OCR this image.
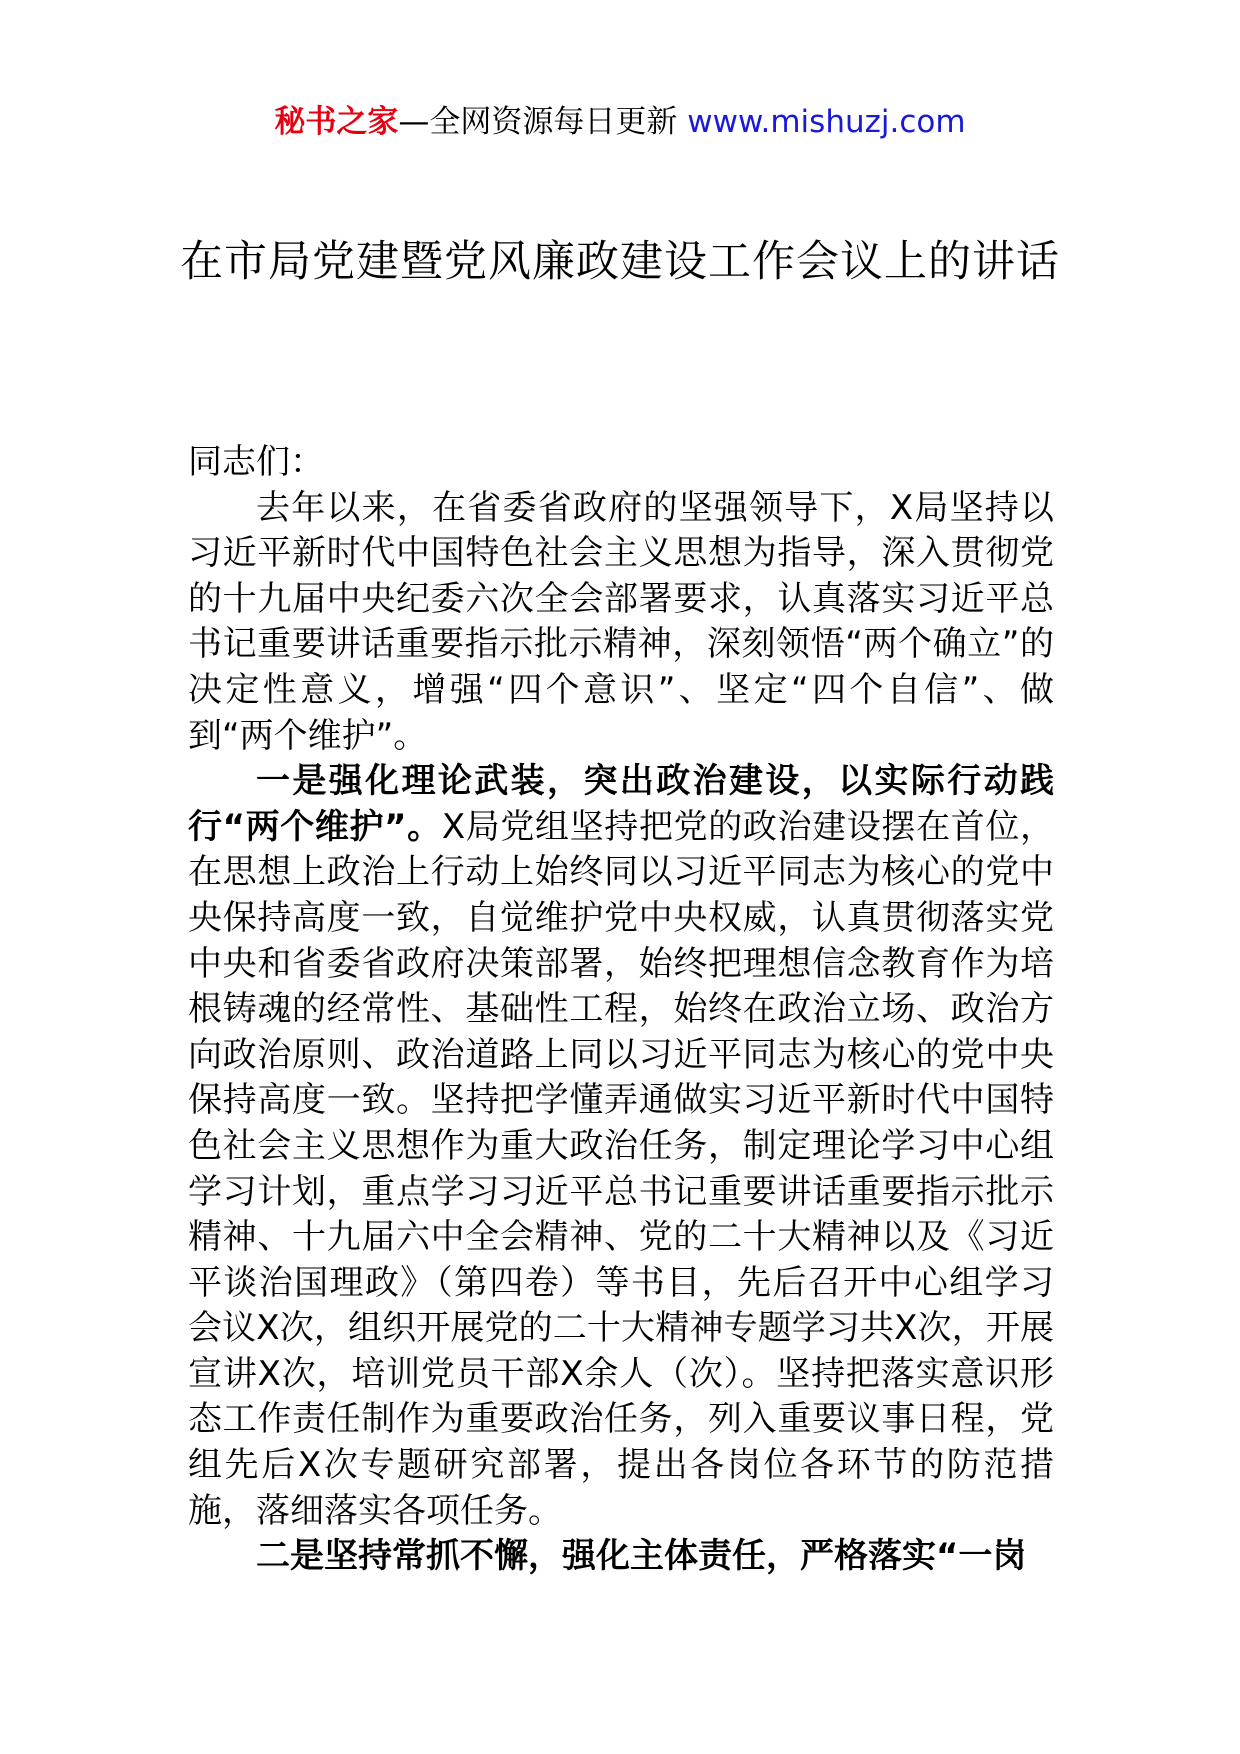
秘书之家—全网资源每日更新 www.mishuzj.com
在市局党建暨党风廉政建设工作会议上的讲话

同志们：

去年以来，在省委省政府的坚强领导下，X局坚持以习近平新时代中国特色社会主义思想为指导，深入贯彻党的十九届中央纪委六次全会部署要求，认真落实习近平总书记重要讲话重要指示批示精神，深刻领悟“两个确立”的决定性意义，增强“四个意识”、坚定“四个自信”、做到“两个维护”。

一是强化理论武装，突出政治建设，以实际行动践行“两个维护”。X局党组坚持把党的政治建设摆在首位，在思想上政治上行动上始终同以习近平同志为核心的党中央保持高度一致，自觉维护党中央权威，认真贯彻落实党中央和省委省政府决策部署，始终把理想信念教育作为培根铸魂的经常性、基础性工程，始终在政治立场、政治方向政治原则、政治道路上同以习近平同志为核心的党中央保持高度一致。坚持把学懂弄通做实习近平新时代中国特色社会主义思想作为重大政治任务，制定理论学习中心组学习计划，重点学习习近平总书记重要讲话重要指示批示精神、十九届六中全会精神、党的二十大精神以及《习近平谈治国理政》（第四卷）等书目，先后召开中心组学习会议X次，组织开展党的二十大精神专题学习共X次，开展宣讲X次，培训党员干部X余人（次）。坚持把落实意识形态工作责任制作为重要政治任务，列入重要议事日程，党组先后X次专题研究部署，提出各岗位各环节的防范措施，落细落实各项任务。

二是坚持常抓不懈，强化主体责任，严格落实“一岗
